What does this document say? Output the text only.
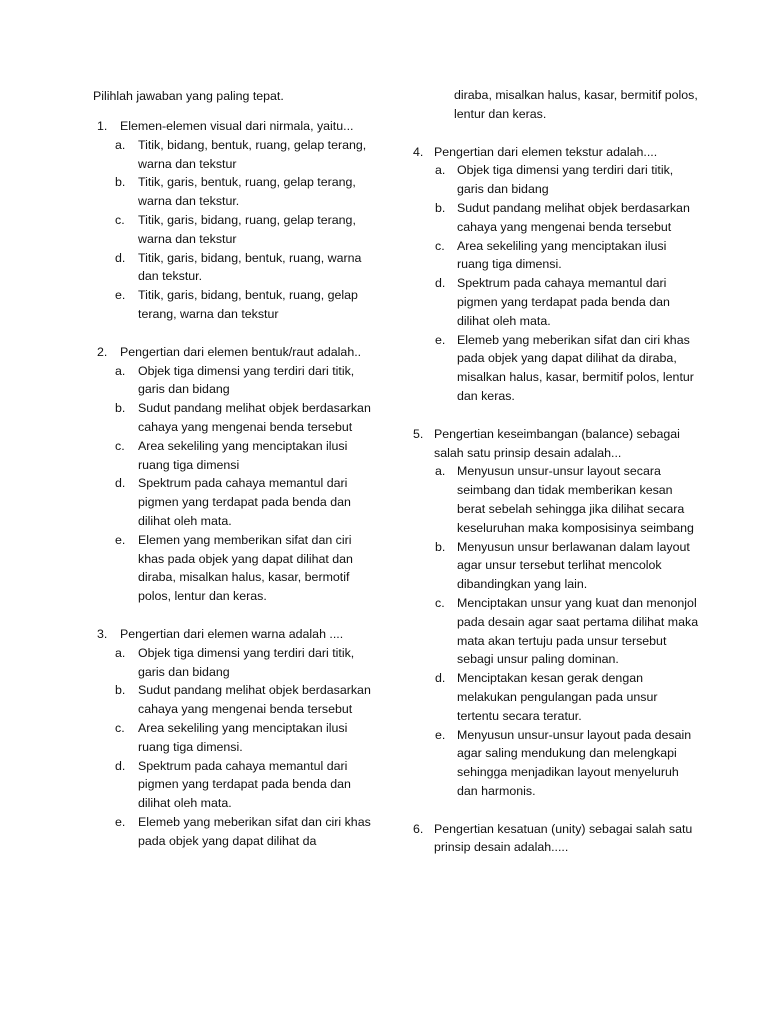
Pilihlah jawaban yang paling tepat.
1.	Elemen-elemen visual dari nirmala, yaitu...
a. Titik, bidang, bentuk, ruang, gelap terang, warna dan tekstur
b. Titik, garis, bentuk, ruang, gelap terang, warna dan tekstur.
c. Titik, garis, bidang, ruang, gelap terang, warna dan tekstur
d. Titik, garis, bidang, bentuk, ruang, warna dan tekstur.
e. Titik, garis, bidang, bentuk, ruang, gelap terang, warna dan tekstur
2.	Pengertian dari elemen bentuk/raut adalah..
a. Objek tiga dimensi yang terdiri dari titik, garis dan bidang
b. Sudut pandang melihat objek berdasarkan cahaya yang mengenai benda tersebut
c. Area sekeliling yang menciptakan ilusi ruang tiga dimensi
d. Spektrum pada cahaya memantul dari pigmen yang terdapat pada benda dan dilihat oleh mata.
e. Elemen yang memberikan sifat dan ciri khas pada objek yang dapat dilihat dan diraba, misalkan halus, kasar, bermotif polos, lentur dan keras.
3.	Pengertian dari elemen warna adalah ....
a. Objek tiga dimensi yang terdiri dari titik, garis dan bidang
b. Sudut pandang melihat objek berdasarkan cahaya yang mengenai benda tersebut
c. Area sekeliling yang menciptakan ilusi ruang tiga dimensi.
d. Spektrum pada cahaya memantul dari pigmen yang terdapat pada benda dan dilihat oleh mata.
e. Elemeb yang meberikan sifat dan ciri khas pada objek yang dapat dilihat da
diraba, misalkan halus, kasar, bermitif polos, lentur dan keras.
4. Pengertian dari elemen tekstur adalah....
a. Objek tiga dimensi yang terdiri dari titik, garis dan bidang
b. Sudut pandang melihat objek berdasarkan cahaya yang mengenai benda tersebut
c. Area sekeliling yang menciptakan ilusi ruang tiga dimensi.
d. Spektrum pada cahaya memantul dari pigmen yang terdapat pada benda dan dilihat oleh mata.
e. Elemeb yang meberikan sifat dan ciri khas pada objek yang dapat dilihat da diraba, misalkan halus, kasar, bermitif polos, lentur dan keras.
5. Pengertian keseimbangan (balance) sebagai salah satu prinsip desain adalah...
a. Menyusun unsur-unsur layout secara seimbang dan tidak memberikan kesan berat sebelah sehingga jika dilihat secara keseluruhan maka komposisinya seimbang
b. Menyusun unsur berlawanan dalam layout agar unsur tersebut terlihat mencolok dibandingkan yang lain.
c. Menciptakan unsur yang kuat dan menonjol pada desain agar saat pertama dilihat maka mata akan tertuju pada unsur tersebut sebagi unsur paling dominan.
d. Menciptakan kesan gerak dengan melakukan pengulangan pada unsur tertentu secara teratur.
e. Menyusun unsur-unsur layout pada desain agar saling mendukung dan melengkapi sehingga menjadikan layout menyeluruh dan harmonis.
6. Pengertian kesatuan (unity) sebagai salah satu prinsip desain adalah.....
